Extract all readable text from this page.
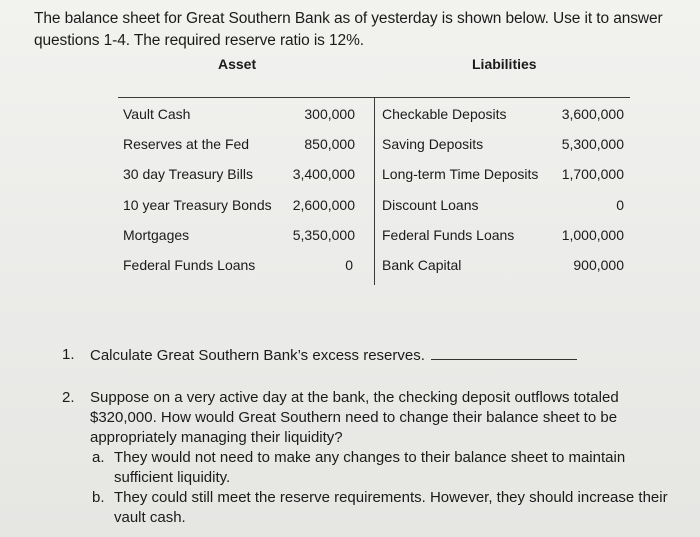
The balance sheet for Great Southern Bank as of yesterday is shown below. Use it to answer questions 1-4. The required reserve ratio is 12%.
Asset	Liabilities
Vault Cash	300,000 Checkable Deposits	3,600,000
Reserves at the Fed	850,000 Saving Deposits	5,300,000
30 day Treasury Bills	3,400,000 Long-term Time Deposits	1,700,000
10 year Treasury Bonds	2,600,000 Discount Loans	0
Mortgages	5,350,000 Federal Funds Loans	1,000,000
Federal Funds Loans	0 Bank Capital	900,000
1. Calculate Great Southern Bank’s excess reserves.
2. Suppose on a very active day at the bank, the checking deposit outflows totaled $320,000. How would Great Southern need to change their balance sheet to be appropriately managing their liquidity?
a. They would not need to make any changes to their balance sheet to maintain sufficient liquidity.
b. They could still meet the reserve requirements. However, they should increase their vault cash.
